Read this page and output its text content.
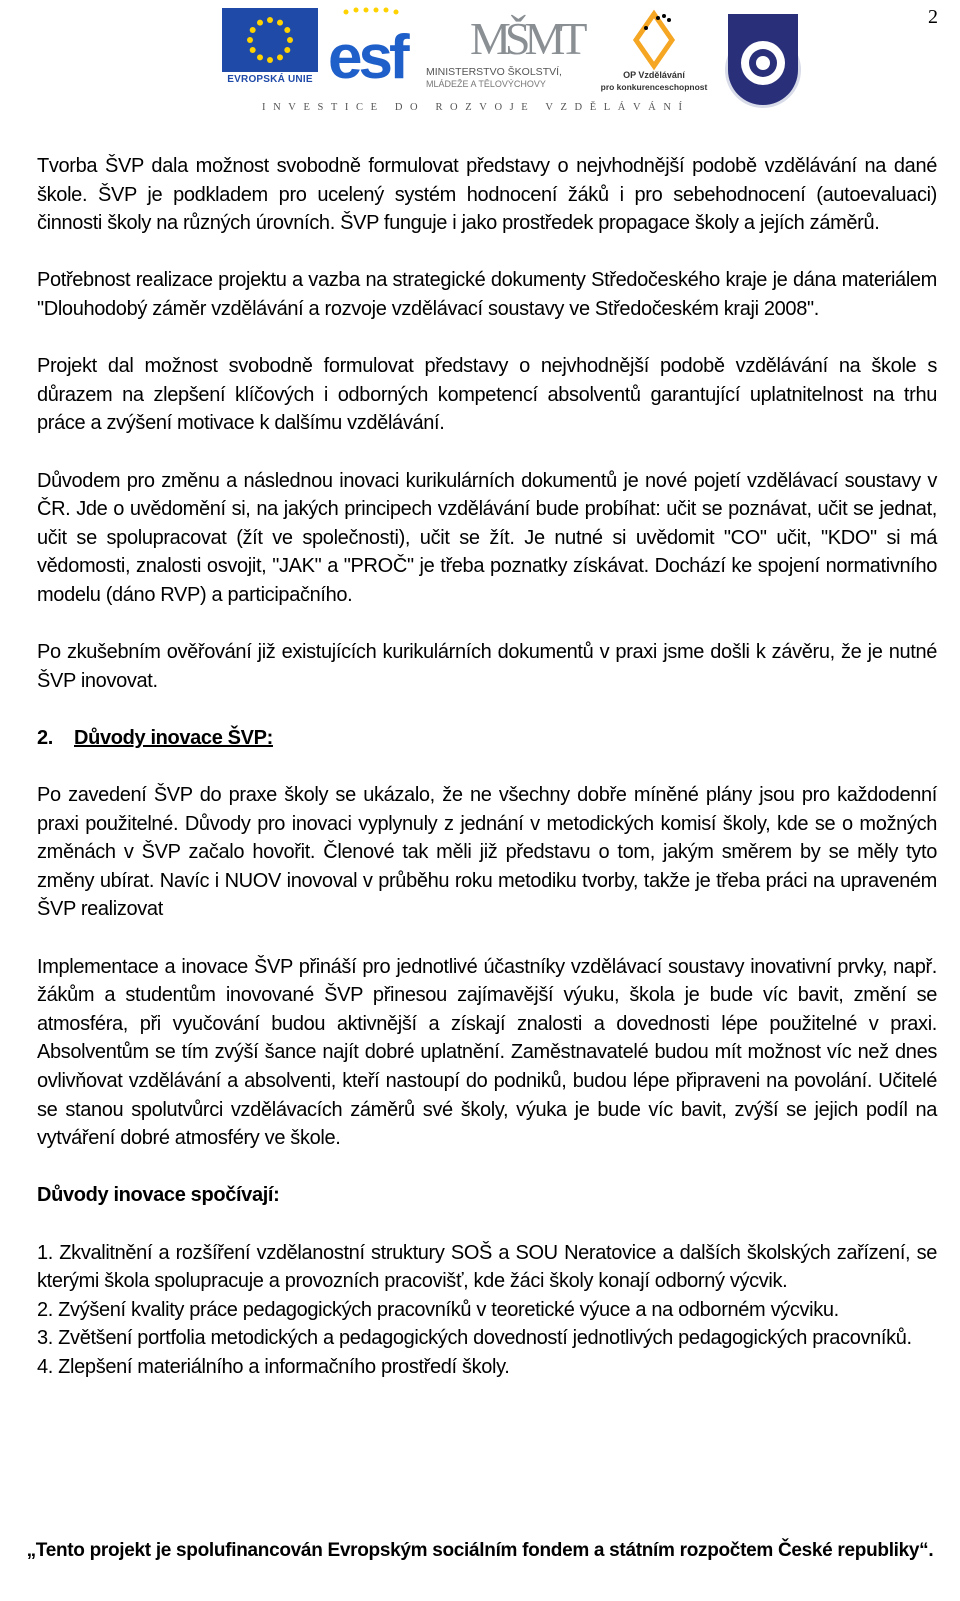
2
EVROPSKÁ UNIE esf MŠMT
MINISTERSTVO ŠKOLSTVÍ,
MLÁDEŽE A TĚLOVÝCHOVY
OP Vzdělávání
pro konkurenceschopnost
INVESTICE DO ROZVOJE VZDĚLÁVÁNÍ

Tvorba ŠVP dala možnost svobodně formulovat představy o nejvhodnější podobě vzdělávání na dané škole. ŠVP je podkladem pro ucelený systém hodnocení žáků i pro sebehodnocení (autoevaluaci) činnosti školy na různých úrovních. ŠVP funguje i jako prostředek propagace školy a jejích záměrů.

Potřebnost realizace projektu a vazba na strategické dokumenty Středočeského kraje je dána materiálem "Dlouhodobý záměr vzdělávání a rozvoje vzdělávací soustavy ve Středočeském kraji 2008".

Projekt dal možnost svobodně formulovat představy o nejvhodnější podobě vzdělávání na škole s důrazem na zlepšení klíčových i odborných kompetencí absolventů garantující uplatnitelnost na trhu práce a zvýšení motivace k dalšímu vzdělávání.

Důvodem pro změnu a následnou inovaci kurikulárních dokumentů je nové pojetí vzdělávací soustavy v ČR. Jde o uvědomění si, na jakých principech vzdělávání bude probíhat: učit se poznávat, učit se jednat, učit se spolupracovat (žít ve společnosti), učit se žít. Je nutné si uvědomit "CO" učit, "KDO" si má vědomosti, znalosti osvojit, "JAK" a "PROČ" je třeba poznatky získávat. Dochází ke spojení normativního modelu (dáno RVP) a participačního.

Po zkušebním ověřování již existujících kurikulárních dokumentů v praxi jsme došli k závěru, že je nutné ŠVP inovovat.

2. Důvody inovace ŠVP:

Po zavedení ŠVP do praxe školy se ukázalo, že ne všechny dobře míněné plány jsou pro každodenní praxi použitelné. Důvody pro inovaci vyplynuly z jednání v metodických komisí školy, kde se o možných změnách v ŠVP začalo hovořit. Členové tak měli již představu o tom, jakým směrem by se měly tyto změny ubírat. Navíc i NUOV inovoval v průběhu roku metodiku tvorby, takže je třeba práci na upraveném ŠVP realizovat

Implementace a inovace ŠVP přináší pro jednotlivé účastníky vzdělávací soustavy inovativní prvky, např. žákům a studentům inovované ŠVP přinesou zajímavější výuku, škola je bude víc bavit, změní se atmosféra, při vyučování budou aktivnější a získají znalosti a dovednosti lépe použitelné v praxi. Absolventům se tím zvýší šance najít dobré uplatnění. Zaměstnavatelé budou mít možnost víc než dnes ovlivňovat vzdělávání a absolventi, kteří nastoupí do podniků, budou lépe připraveni na povolání. Učitelé se stanou spolutvůrci vzdělávacích záměrů své školy, výuka je bude víc bavit, zvýší se jejich podíl na vytváření dobré atmosféry ve škole.

Důvody inovace spočívají:

1. Zkvalitnění a rozšíření vzdělanostní struktury SOŠ a SOU Neratovice a dalších školských zařízení, se kterými škola spolupracuje a provozních pracovišť, kde žáci školy konají odborný výcvik.

2. Zvýšení kvality práce pedagogických pracovníků v teoretické výuce a na odborném výcviku.

3. Zvětšení portfolia metodických a pedagogických dovedností jednotlivých pedagogických pracovníků.

4. Zlepšení materiálního a informačního prostředí školy.

„Tento projekt je spolufinancován Evropským sociálním fondem a státním rozpočtem České republiky“.
